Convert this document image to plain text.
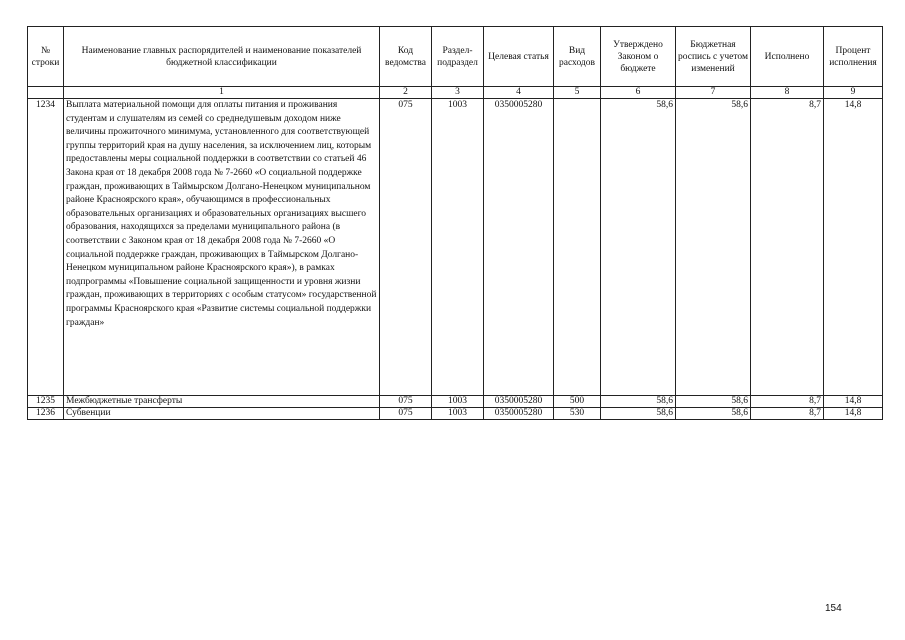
№ строки	Наименование главных распорядителей и наименование показателей бюджетной классификации	Код ведомства	Раздел-подраздел	Целевая статья	Вид расходов	Утверждено Законом о бюджете	Бюджетная роспись с учетом изменений	Исполнено	Процент исполнения
	1	2	3	4	5	6	7	8	9
1234	Выплата материальной помощи для оплаты питания и проживания студентам и слушателям из семей со среднедушевым доходом ниже величины прожиточного минимума, установленного для соответствующей группы территорий края на душу населения, за исключением лиц, которым предоставлены меры социальной поддержки в соответствии со статьей 46 Закона края от 18 декабря 2008 года № 7-2660 «О социальной поддержке граждан, проживающих в Таймырском Долгано-Ненецком муниципальном районе Красноярского края», обучающимся в профессиональных образовательных организациях и образовательных организациях высшего образования, находящихся за пределами муниципального района (в соответствии с Законом края от 18 декабря 2008 года № 7-2660 «О социальной поддержке граждан, проживающих в Таймырском Долгано-Ненецком муниципальном районе Красноярского края»), в рамках подпрограммы «Повышение социальной защищенности и уровня жизни граждан, проживающих в территориях с особым статусом» государственной программы Красноярского края «Развитие системы социальной поддержки граждан»	075	1003	0350005280		58,6	58,6	8,7	14,8
1235	Межбюджетные трансферты	075	1003	0350005280	500	58,6	58,6	8,7	14,8
1236	Субвенции	075	1003	0350005280	530	58,6	58,6	8,7	14,8
154
